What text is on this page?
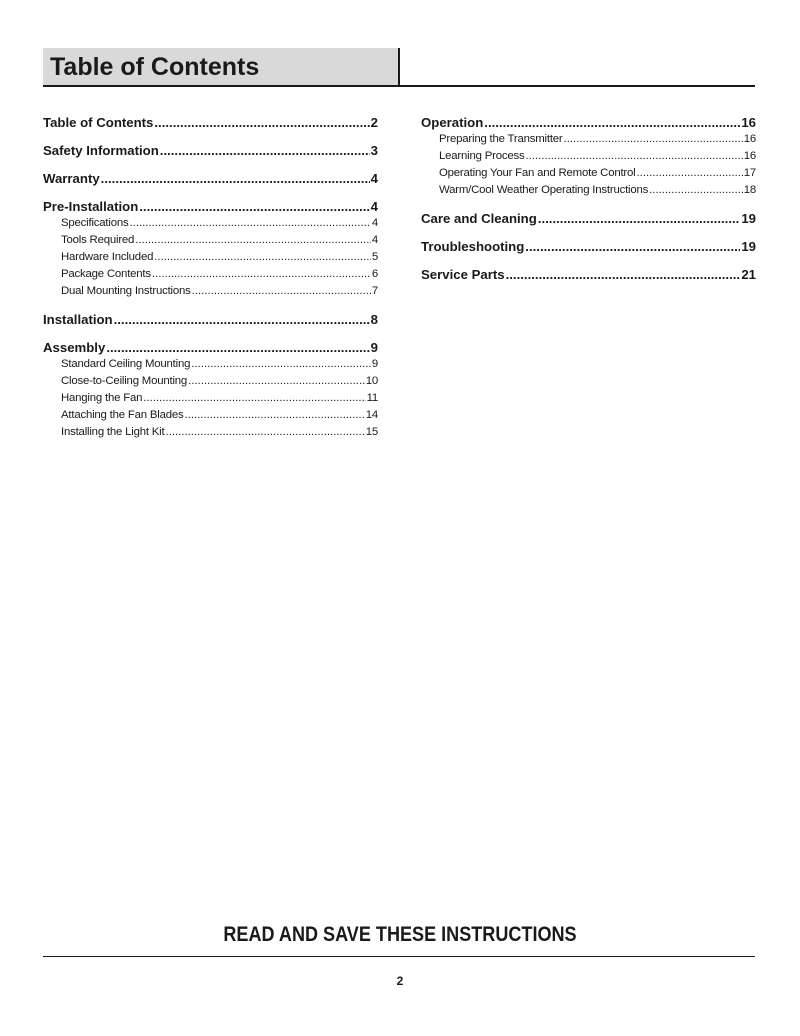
Table of Contents
Table of Contents .....	2
Safety Information .....	3
Warranty .....	4
Pre-Installation .....	4
Specifications .....	4
Tools Required .....	4
Hardware Included .....	5
Package Contents .....	6
Dual Mounting Instructions .....	7
Installation .....	8
Assembly .....	9
Standard Ceiling Mounting .....	9
Close-to-Ceiling Mounting .....	10
Hanging the Fan .....	11
Attaching the Fan Blades .....	14
Installing the Light Kit .....	15
Operation .....	16
Preparing the Transmitter .....	16
Learning Process .....	16
Operating Your Fan and Remote Control .....	17
Warm/Cool Weather Operating Instructions .....	18
Care and Cleaning .....	19
Troubleshooting .....	19
Service Parts .....	21
READ AND SAVE THESE INSTRUCTIONS
2
